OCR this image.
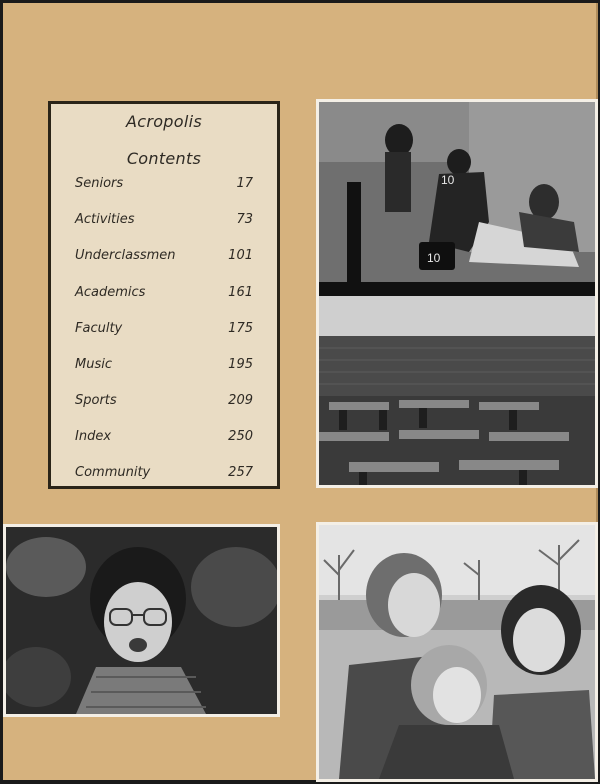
Acropolis
Contents
Seniors	17
Activities	73
Underclassmen	101
Academics	161
Faculty	175
Music	195
Sports	209
Index	250
Community	257
10
10
